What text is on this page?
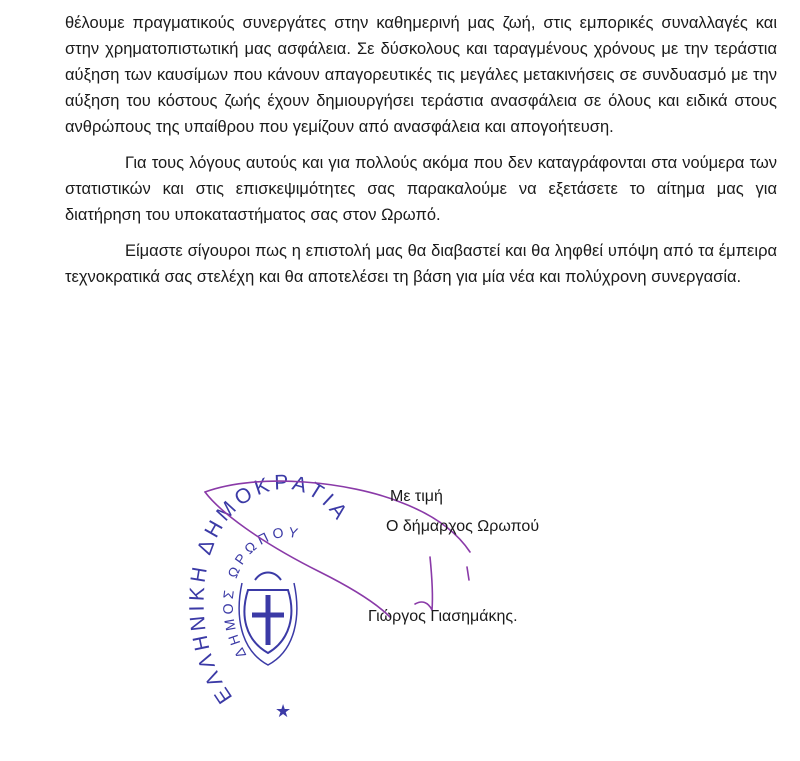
θέλουμε πραγματικούς συνεργάτες στην καθημερινή μας ζωή, στις εμπορικές συναλλαγές και στην χρηματοπιστωτική μας ασφάλεια. Σε δύσκολους και ταραγμένους χρόνους με την τεράστια αύξηση των καυσίμων που κάνουν απαγορευτικές τις μεγάλες μετακινήσεις σε συνδυασμό με την αύξηση του κόστους ζωής έχουν δημιουργήσει τεράστια ανασφάλεια σε όλους και ειδικά στους ανθρώπους της υπαίθρου που γεμίζουν από ανασφάλεια και απογοήτευση.

Για τους λόγους αυτούς και για πολλούς ακόμα που δεν καταγράφονται στα νούμερα των στατιστικών και στις επισκεψιμότητες σας παρακαλούμε να εξετάσετε το αίτημα μας για διατήρηση του υποκαταστήματος σας στον Ωρωπό.

Είμαστε σίγουροι πως η επιστολή μας θα διαβαστεί και θα ληφθεί υπόψη από τα έμπειρα τεχνοκρατικά σας στελέχη και θα αποτελέσει τη βάση για μία νέα και πολύχρονη συνεργασία.

ΕΛΛΗΝΙΚΗ ΔΗΜΟΚΡΑΤΙΑ
ΔΗΜΟΣ ΩΡΩΠΟΥ
★
Με τιμή
Ο δήμαρχος Ωρωπού
Γιώργος Γιασημάκης.
